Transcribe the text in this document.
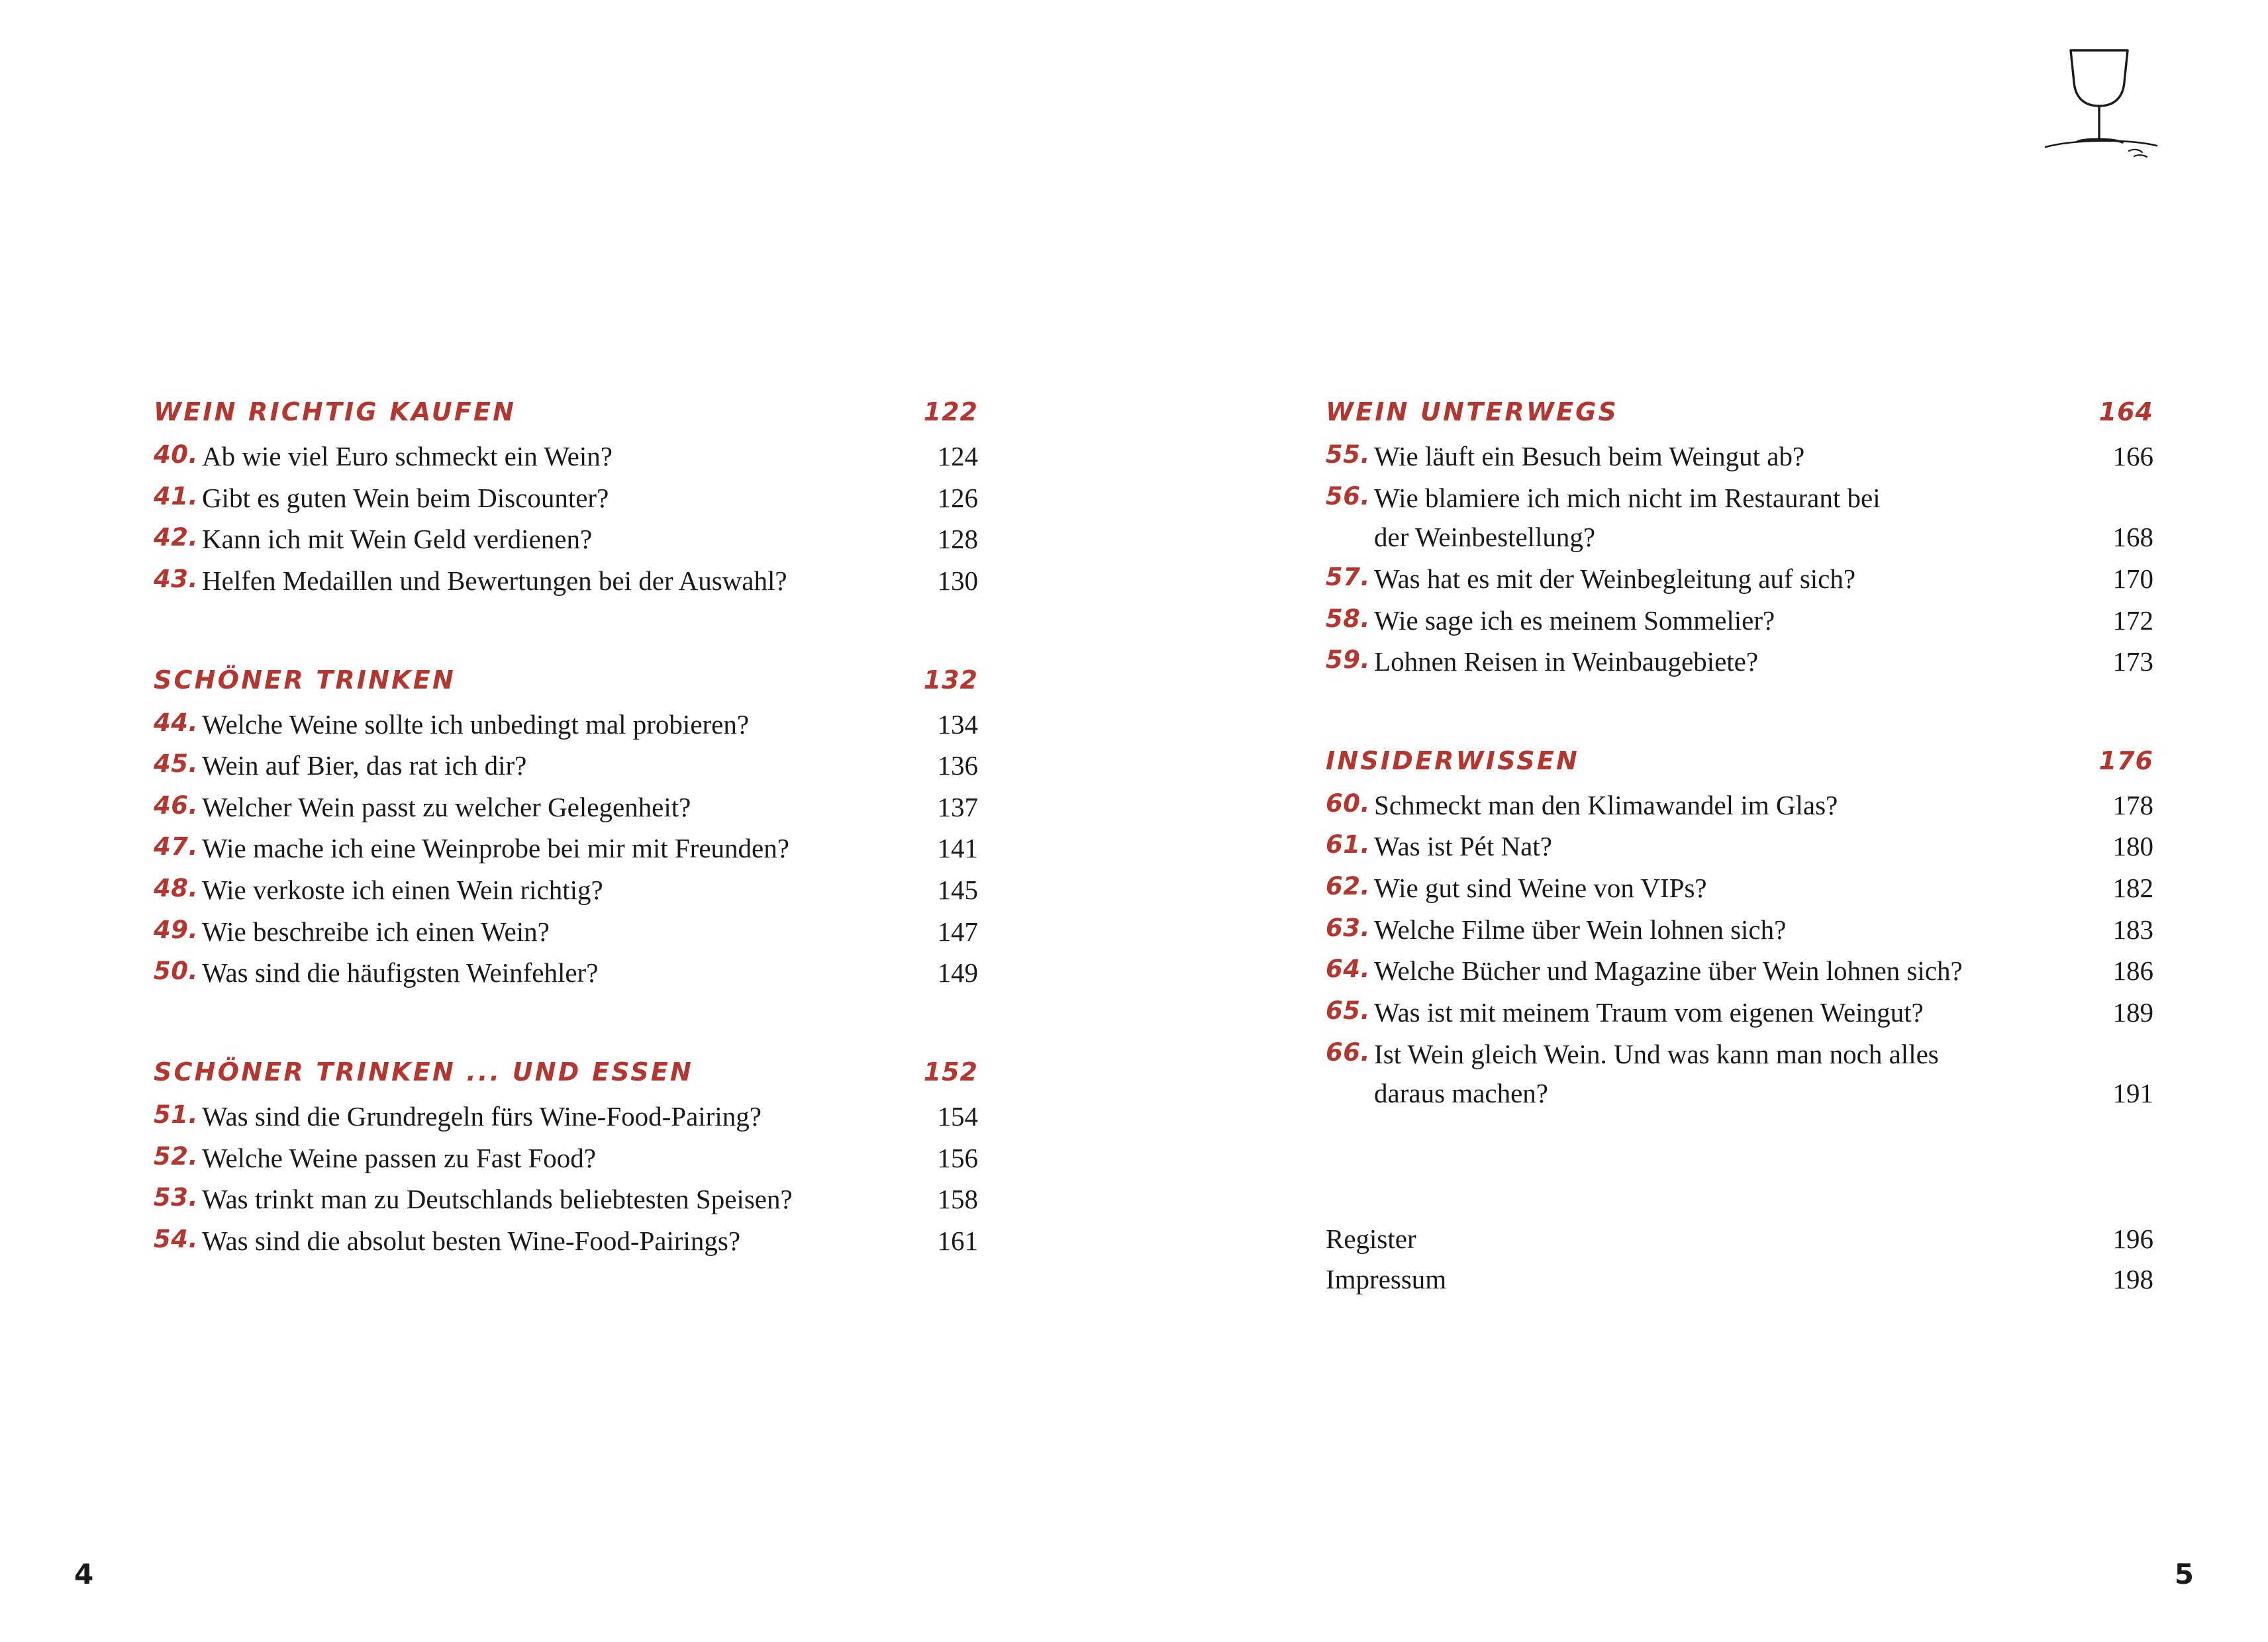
WEIN RICHTIG KAUFEN	122
40. Ab wie viel Euro schmeckt ein Wein?	124
41. Gibt es guten Wein beim Discounter?	126
42. Kann ich mit Wein Geld verdienen?	128
43. Helfen Medaillen und Bewertungen bei der Auswahl?	130
SCHÖNER TRINKEN	132
44. Welche Weine sollte ich unbedingt mal probieren?	134
45. Wein auf Bier, das rat ich dir?	136
46. Welcher Wein passt zu welcher Gelegenheit?	137
47. Wie mache ich eine Weinprobe bei mir mit Freunden?	141
48. Wie verkoste ich einen Wein richtig?	145
49. Wie beschreibe ich einen Wein?	147
50. Was sind die häufigsten Weinfehler?	149
SCHÖNER TRINKEN ... UND ESSEN	152
51. Was sind die Grundregeln fürs Wine-Food-Pairing?	154
52. Welche Weine passen zu Fast Food?	156
53. Was trinkt man zu Deutschlands beliebtesten Speisen?	158
54. Was sind die absolut besten Wine-Food-Pairings?	161
WEIN UNTERWEGS	164
55. Wie läuft ein Besuch beim Weingut ab?	166
56. Wie blamiere ich mich nicht im Restaurant bei
der Weinbestellung?	168
57. Was hat es mit der Weinbegleitung auf sich?	170
58. Wie sage ich es meinem Sommelier?	172
59. Lohnen Reisen in Weinbaugebiete?	173
INSIDERWISSEN	176
60. Schmeckt man den Klimawandel im Glas?	178
61. Was ist Pét Nat?	180
62. Wie gut sind Weine von VIPs?	182
63. Welche Filme über Wein lohnen sich?	183
64. Welche Bücher und Magazine über Wein lohnen sich?	186
65. Was ist mit meinem Traum vom eigenen Weingut?	189
66. Ist Wein gleich Wein. Und was kann man noch alles
daraus machen?	191
Register	196
Impressum	198
4	5
